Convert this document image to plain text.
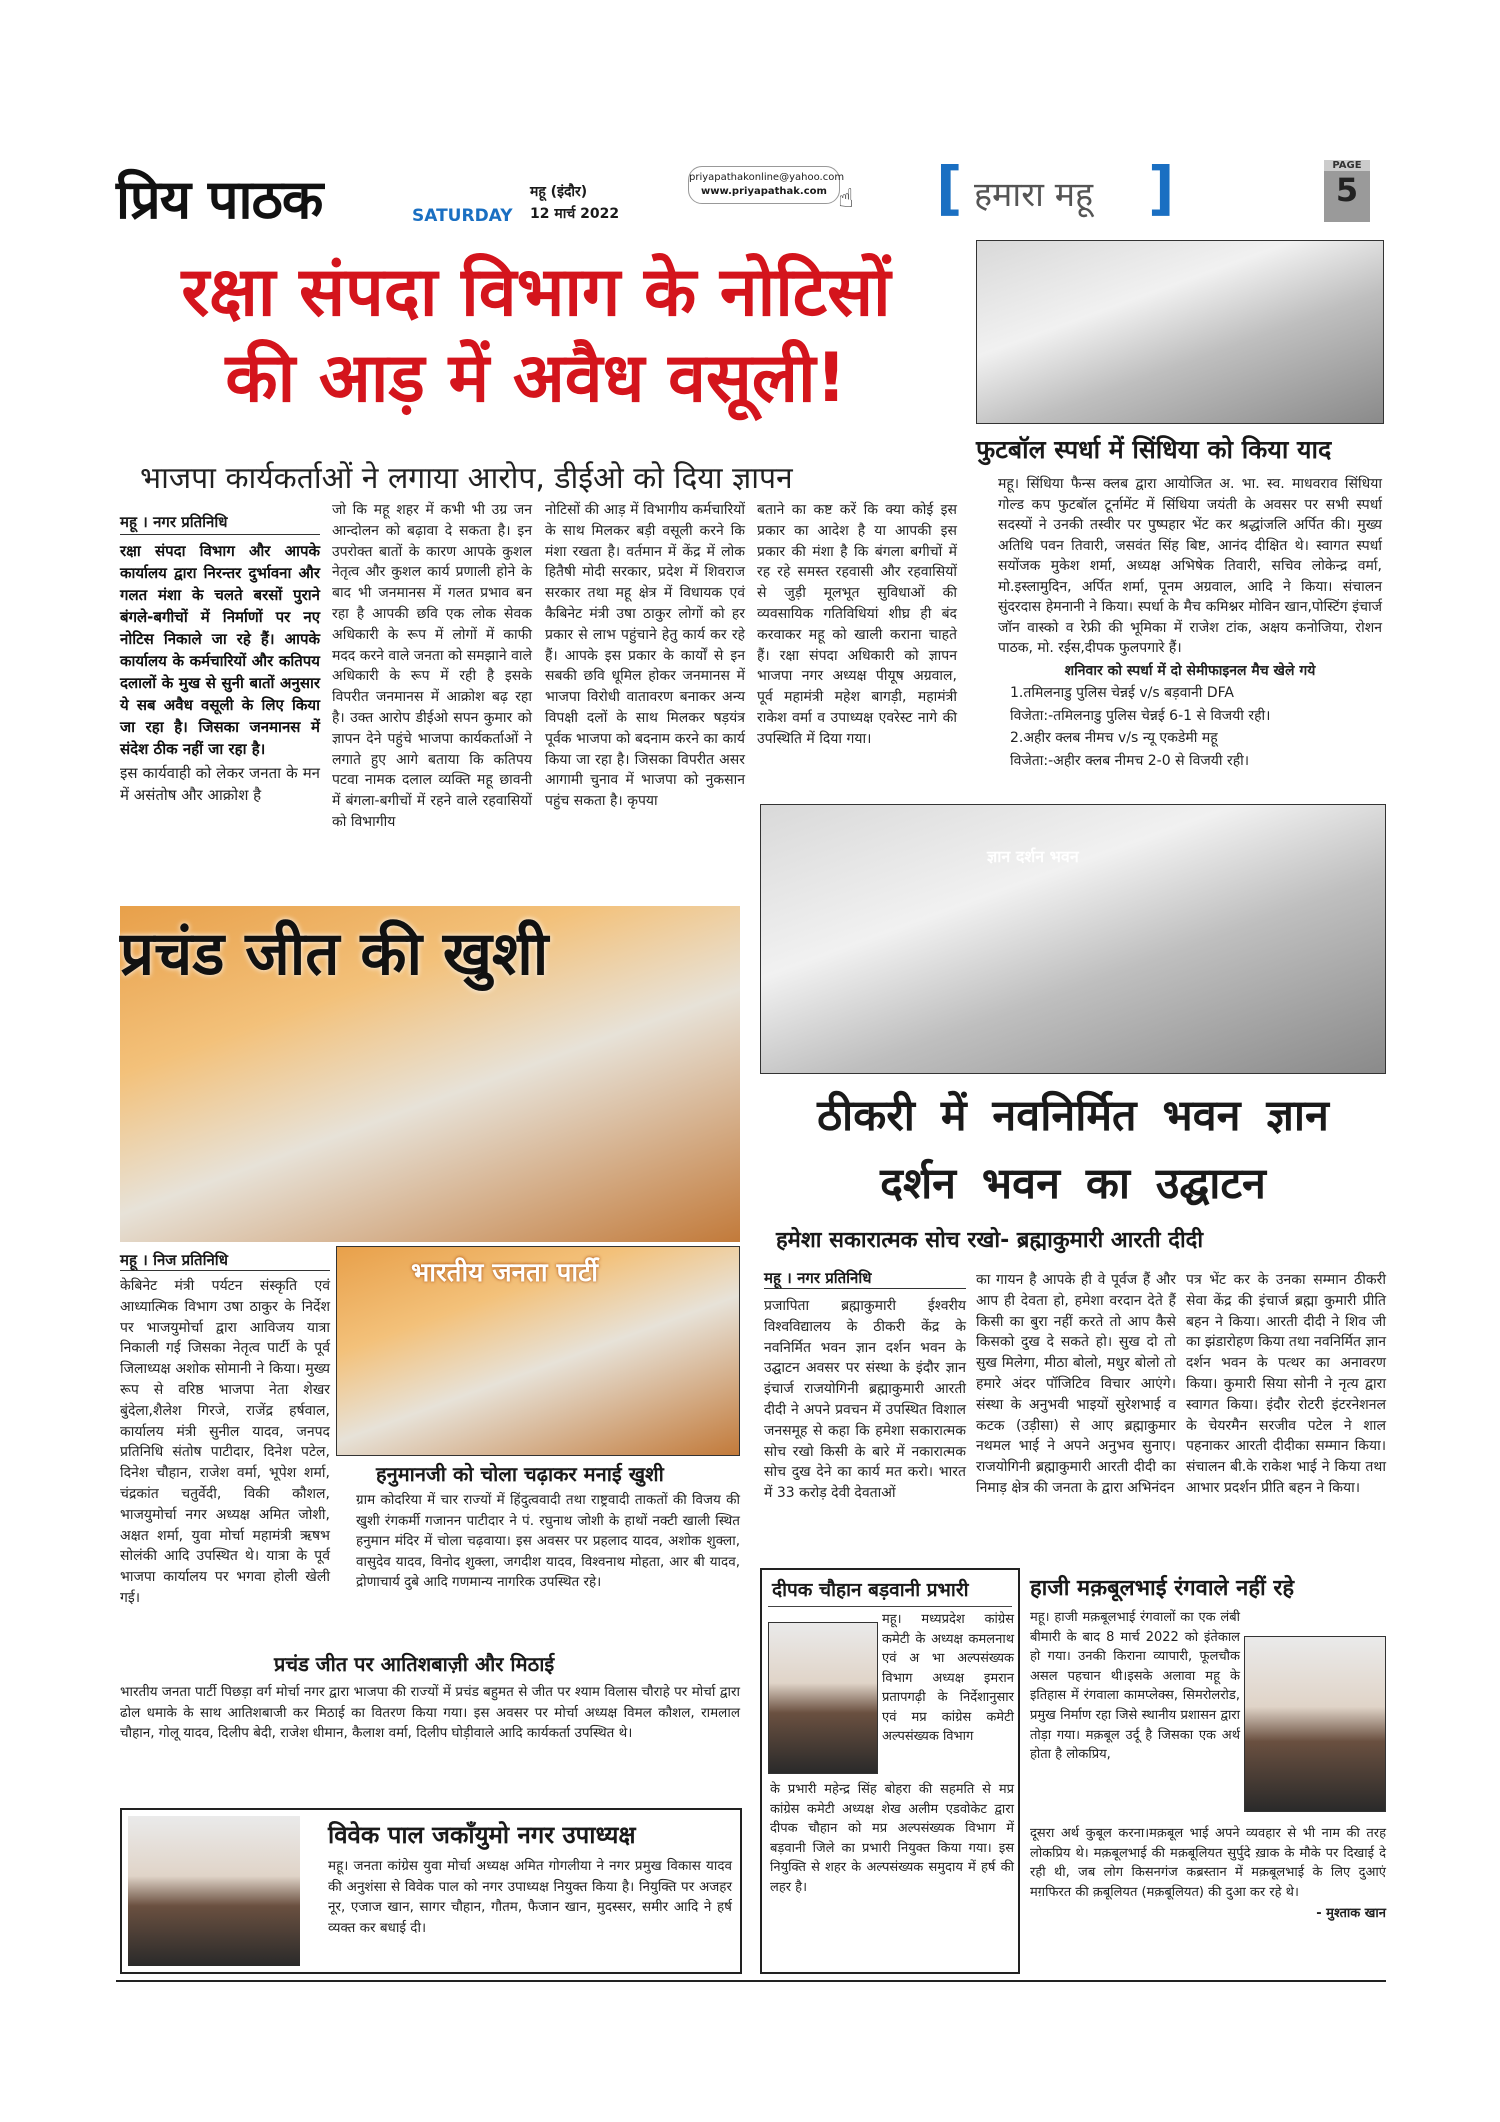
प्रिय पाठक	SATURDAY
महू (इंदौर)
12 मार्च 2022
priyapathakonline@yahoo.com
www.priyapathak.com ☝ [ हमारा महू ]	PAGE
5
रक्षा संपदा विभाग के नोटिसों
की आड़ में अवैध वसूली!
भाजपा कार्यकर्ताओं ने लगाया आरोप, डीईओ को दिया ज्ञापन
फुटबॉल स्पर्धा में सिंधिया को किया याद

महू। सिंधिया फैन्स क्लब द्वारा आयोजित अ. भा. स्व. माधवराव सिंधिया गोल्ड कप फुटबॉल टूर्नामेंट में सिंधिया जयंती के अवसर पर सभी स्पर्धा सदस्यों ने उनकी तस्वीर पर पुष्पहार भेंट कर श्रद्धांजलि अर्पित की। मुख्य अतिथि पवन तिवारी, जसवंत सिंह बिष्ट, आनंद दीक्षित थे। स्वागत स्पर्धा सयोंजक मुकेश शर्मा, अध्यक्ष अभिषेक तिवारी, सचिव लोकेन्द्र वर्मा, मो.इस्लामुदिन, अर्पित शर्मा, पूनम अग्रवाल, आदि ने किया। संचालन सुंदरदास हेमनानी ने किया। स्पर्धा के मैच कमिश्नर मोविन खान,पोस्टिंग इंचार्ज जॉन वास्को व रेफ्री की भूमिका में राजेश टांक, अक्षय कनोजिया, रोशन पाठक, मो. रईस,दीपक फुलपगारे हैं।

शनिवार को स्पर्धा में दो सेमीफाइनल मैच खेले गये

1.तमिलनाडु पुलिस चेन्नई v/s बड़वानी DFA

विजेता:-तमिलनाडु पुलिस चेन्नई 6-1 से विजयी रही।

2.अहीर क्लब नीमच v/s न्यू एकडेमी महू

विजेता:-अहीर क्लब नीमच 2-0 से विजयी रही।

महू । नगर प्रतिनिधि

रक्षा संपदा विभाग और आपके कार्यालय द्वारा निरन्तर दुर्भावना और गलत मंशा के चलते बरसों पुराने बंगले-बगीचों में निर्माणों पर नए नोटिस निकाले जा रहे हैं। आपके कार्यालय के कर्मचारियों और कतिपय दलालों के मुख से सुनी बातों अनुसार ये सब अवैध वसूली के लिए किया जा रहा है। जिसका जनमानस में संदेश ठीक नहीं जा रहा है।

इस कार्यवाही को लेकर जनता के मन में असंतोष और आक्रोश है

जो कि महू शहर में कभी भी उग्र जन आन्दोलन को बढ़ावा दे सकता है। इन उपरोक्त बातों के कारण आपके कुशल नेतृत्व और कुशल कार्य प्रणाली होने के बाद भी जनमानस में गलत प्रभाव बन रहा है आपकी छवि एक लोक सेवक अधिकारी के रूप में लोगों में काफी मदद करने वाले जनता को समझाने वाले अधिकारी के रूप में रही है इसके विपरीत जनमानस में आक्रोश बढ़ रहा है। उक्त आरोप डीईओ सपन कुमार को ज्ञापन देने पहुंचे भाजपा कार्यकर्ताओं ने लगाते हुए आगे बताया कि कतिपय पटवा नामक दलाल व्यक्ति महू छावनी में बंगला-बगीचों में रहने वाले रहवासियों को विभागीय

नोटिसों की आड़ में विभागीय कर्मचारियों के साथ मिलकर बड़ी वसूली करने कि मंशा रखता है। वर्तमान में केंद्र में लोक हितैषी मोदी सरकार, प्रदेश में शिवराज सरकार तथा महू क्षेत्र में विधायक एवं कैबिनेट मंत्री उषा ठाकुर लोगों को हर प्रकार से लाभ पहुंचाने हेतु कार्य कर रहे हैं। आपके इस प्रकार के कार्यों से इन सबकी छवि धूमिल होकर जनमानस में भाजपा विरोधी वातावरण बनाकर अन्य विपक्षी दलों के साथ मिलकर षड़यंत्र पूर्वक भाजपा को बदनाम करने का कार्य किया जा रहा है। जिसका विपरीत असर आगामी चुनाव में भाजपा को नुकसान पहुंच सकता है। कृपया

बताने का कष्ट करें कि क्या कोई इस प्रकार का आदेश है या आपकी इस प्रकार की मंशा है कि बंगला बगीचों में रह रहे समस्त रहवासी और रहवासियों से जुड़ी मूलभूत सुविधाओं की व्यवसायिक गतिविधियां शीघ्र ही बंद करवाकर महू को खाली कराना चाहते हैं। रक्षा संपदा अधिकारी को ज्ञापन भाजपा नगर अध्यक्ष पीयूष अग्रवाल, पूर्व महामंत्री महेश बागड़ी, महामंत्री राकेश वर्मा व उपाध्यक्ष एवरेस्ट नागे की उपस्थिति में दिया गया।

प्रचंड जीत की खुशी
ज्ञान दर्शन भवन
ठीकरी में नवनिर्मित भवन ज्ञान
दर्शन भवन का उद्घाटन
हमेशा सकारात्मक सोच रखो- ब्रह्माकुमारी आरती दीदी
महू । नगर प्रतिनिधि

प्रजापिता ब्रह्माकुमारी ईश्वरीय विश्वविद्यालय के ठीकरी केंद्र के नवनिर्मित भवन ज्ञान दर्शन भवन के उद्घाटन अवसर पर संस्था के इंदौर ज्ञान इंचार्ज राजयोगिनी ब्रह्माकुमारी आरती दीदी ने अपने प्रवचन में उपस्थित विशाल जनसमूह से कहा कि हमेशा सकारात्मक सोच रखो किसी के बारे में नकारात्मक सोच दुख देने का कार्य मत करो। भारत में 33 करोड़ देवी देवताओं

का गायन है आपके ही वे पूर्वज हैं और आप ही देवता हो, हमेशा वरदान देते हैं किसी का बुरा नहीं करते तो आप कैसे किसको दुख दे सकते हो। सुख दो तो सुख मिलेगा, मीठा बोलो, मधुर बोलो तो हमारे अंदर पॉजिटिव विचार आएंगे। संस्था के अनुभवी भाइयों सुरेशभाई व कटक (उड़ीसा) से आए ब्रह्माकुमार नथमल भाई ने अपने अनुभव सुनाए। राजयोगिनी ब्रह्माकुमारी आरती दीदी का निमाड़ क्षेत्र की जनता के द्वारा अभिनंदन

पत्र भेंट कर के उनका सम्मान ठीकरी सेवा केंद्र की इंचार्ज ब्रह्मा कुमारी प्रीति बहन ने किया। आरती दीदी ने शिव जी का झंडारोहण किया तथा नवनिर्मित ज्ञान दर्शन भवन के पत्थर का अनावरण किया। कुमारी सिया सोनी ने नृत्य द्वारा स्वागत किया। इंदौर रोटरी इंटरनेशनल के चेयरमैन सरजीव पटेल ने शाल पहनाकर आरती दीदीका सम्मान किया। संचालन बी.के राकेश भाई ने किया तथा आभार प्रदर्शन प्रीति बहन ने किया।

महू । निज प्रतिनिधि

केबिनेट मंत्री पर्यटन संस्कृति एवं आध्यात्मिक विभाग उषा ठाकुर के निर्देश पर भाजयुमोर्चा द्वारा आविजय यात्रा निकाली गई जिसका नेतृत्व पार्टी के पूर्व जिलाध्यक्ष अशोक सोमानी ने किया। मुख्य रूप से वरिष्ठ भाजपा नेता शेखर बुंदेला,शैलेश गिरजे, राजेंद्र हर्षवाल, कार्यालय मंत्री सुनील यादव, जनपद प्रतिनिधि संतोष पाटीदार, दिनेश पटेल, दिनेश चौहान, राजेश वर्मा, भूपेश शर्मा, चंद्रकांत चतुर्वेदी, विकी कौशल, भाजयुमोर्चा नगर अध्यक्ष अमित जोशी, अक्षत शर्मा, युवा मोर्चा महामंत्री ऋषभ सोलंकी आदि उपस्थित थे। यात्रा के पूर्व भाजपा कार्यालय पर भगवा होली खेली गई।

भारतीय जनता पार्टी
हनुमानजी को चोला चढ़ाकर मनाई खुशी

ग्राम कोदरिया में चार राज्यों में हिंदुत्ववादी तथा राष्ट्रवादी ताकतों की विजय की खुशी रंगकर्मी गजानन पाटीदार ने पं. रघुनाथ जोशी के हाथों नक्टी खाली स्थित हनुमान मंदिर में चोला चढ़वाया। इस अवसर पर प्रहलाद यादव, अशोक शुक्ला, वासुदेव यादव, विनोद शुक्ला, जगदीश यादव, विश्वनाथ मोहता, आर बी यादव, द्रोणाचार्य दुबे आदि गणमान्य नागरिक उपस्थित रहे।

प्रचंड जीत पर आतिशबाज़ी और मिठाई

भारतीय जनता पार्टी पिछड़ा वर्ग मोर्चा नगर द्वारा भाजपा की राज्यों में प्रचंड बहुमत से जीत पर श्याम विलास चौराहे पर मोर्चा द्वारा ढोल धमाके के साथ आतिशबाजी कर मिठाई का वितरण किया गया। इस अवसर पर मोर्चा अध्यक्ष विमल कौशल, रामलाल चौहान, गोलू यादव, दिलीप बेदी, राजेश धीमान, कैलाश वर्मा, दिलीप घोड़ीवाले आदि कार्यकर्ता उपस्थित थे।

विवेक पाल जकाँयुमो नगर उपाध्यक्ष

महू। जनता कांग्रेस युवा मोर्चा अध्यक्ष अमित गोगलीया ने नगर प्रमुख विकास यादव की अनुशंसा से विवेक पाल को नगर उपाध्यक्ष नियुक्त किया है। नियुक्ति पर अजहर नूर, एजाज खान, सागर चौहान, गौतम, फैजान खान, मुदस्सर, समीर आदि ने हर्ष व्यक्त कर बधाई दी।

दीपक चौहान बड़वानी प्रभारी

महू। मध्यप्रदेश कांग्रेस कमेटी के अध्यक्ष कमलनाथ एवं अ भा अल्पसंख्यक विभाग अध्यक्ष इमरान प्रतापगढ़ी के निर्देशानुसार एवं मप्र कांग्रेस कमेटी अल्पसंख्यक विभाग

के प्रभारी महेन्द्र सिंह बोहरा की सहमति से मप्र कांग्रेस कमेटी अध्यक्ष शेख अलीम एडवोकेट द्वारा दीपक चौहान को मप्र अल्पसंख्यक विभाग में बड़वानी जिले का प्रभारी नियुक्त किया गया। इस नियुक्ति से शहर के अल्पसंख्यक समुदाय में हर्ष की लहर है।

हाजी मक़बूलभाई रंगवाले नहीं रहे

महू। हाजी मक़बूलभाई रंगवालों का एक लंबी बीमारी के बाद 8 मार्च 2022 को इंतेकाल हो गया। उनकी किराना व्यापारी, फूलचौक असल पहचान थी।इसके अलावा महू के इतिहास में रंगवाला कामप्लेक्स, सिमरोलरोड, प्रमुख निर्माण रहा जिसे स्थानीय प्रशासन द्वारा तोड़ा गया। मक़बूल उर्दू है जिसका एक अर्थ होता है लोकप्रिय,

दूसरा अर्थ कुबूल करना।मक़बूल भाई अपने व्यवहार से भी नाम की तरह लोकप्रिय थे। मक़बूलभाई की मक़बूलियत सुर्पुदे ख़ाक के मौके पर दिखाई दे रही थी, जब लोग किसनगंज कब्रस्तान में मक़बूलभाई के लिए दुआएं मग़फिरत की क़बूलियत (मक़बूलियत) की दुआ कर रहे थे।

- मुश्ताक खान
